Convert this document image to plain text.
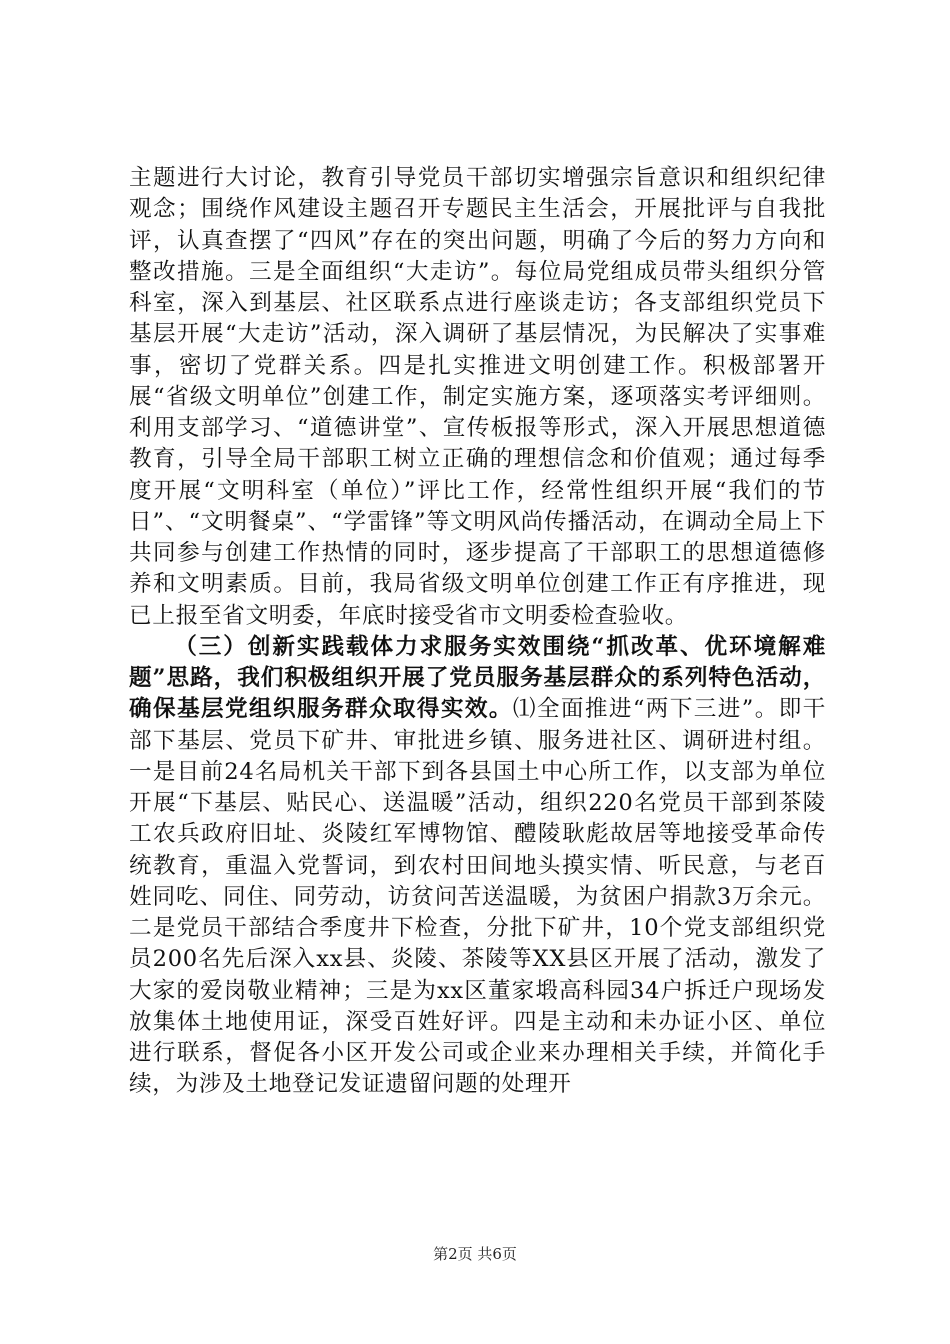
主题进行大讨论，教育引导党员干部切实增强宗旨意识和组织纪律观念；围绕作风建设主题召开专题民主生活会，开展批评与自我批评，认真查摆了“四风”存在的突出问题，明确了今后的努力方向和整改措施。三是全面组织“大走访”。每位局党组成员带头组织分管科室，深入到基层、社区联系点进行座谈走访；各支部组织党员下基层开展“大走访”活动，深入调研了基层情况，为民解决了实事难事，密切了党群关系。四是扎实推进文明创建工作。积极部署开展“省级文明单位”创建工作，制定实施方案，逐项落实考评细则。利用支部学习、“道德讲堂”、宣传板报等形式，深入开展思想道德教育，引导全局干部职工树立正确的理想信念和价值观；通过每季度开展“文明科室（单位）”评比工作，经常性组织开展“我们的节日”、“文明餐桌”、“学雷锋”等文明风尚传播活动，在调动全局上下共同参与创建工作热情的同时，逐步提高了干部职工的思想道德修养和文明素质。目前，我局省级文明单位创建工作正有序推进，现已上报至省文明委，年底时接受省市文明委检查验收。

（三）创新实践载体力求服务实效围绕“抓改革、优环境解难题”思路，我们积极组织开展了党员服务基层群众的系列特色活动，确保基层党组织服务群众取得实效。⑴全面推进“两下三进”。即干部下基层、党员下矿井、审批进乡镇、服务进社区、调研进村组。一是目前24名局机关干部下到各县国土中心所工作，以支部为单位开展“下基层、贴民心、送温暖”活动，组织220名党员干部到茶陵工农兵政府旧址、炎陵红军博物馆、醴陵耿彪故居等地接受革命传统教育，重温入党誓词，到农村田间地头摸实情、听民意，与老百姓同吃、同住、同劳动，访贫问苦送温暖，为贫困户捐款3万余元。二是党员干部结合季度井下检查，分批下矿井，10个党支部组织党员200名先后深入xx县、炎陵、茶陵等XX县区开展了活动，激发了大家的爱岗敬业精神；三是为xx区董家塅高科园34户拆迁户现场发放集体土地使用证，深受百姓好评。四是主动和未办证小区、单位进行联系，督促各小区开发公司或企业来办理相关手续，并简化手续，为涉及土地登记发证遗留问题的处理开

第2页 共6页
